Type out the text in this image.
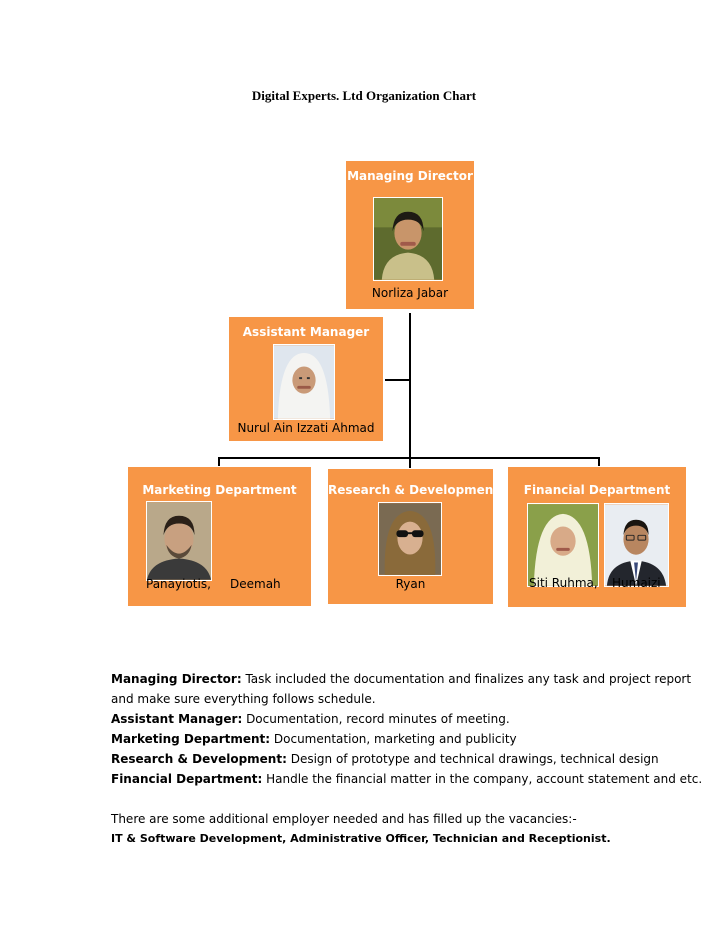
Digital Experts. Ltd Organization Chart
Managing Director
Norliza Jabar
Assistant Manager
Nurul Ain Izzati Ahmad
Marketing Department
Panayiotis, Deemah
Research & Development
Ryan
Financial Department
Siti Ruhma, Humaizi
Managing Director: Task included the documentation and finalizes any task and project report
and make sure everything follows schedule.
Assistant Manager: Documentation, record minutes of meeting.
Marketing Department: Documentation, marketing and publicity
Research & Development: Design of prototype and technical drawings, technical design
Financial Department: Handle the financial matter in the company, account statement and etc.
There are some additional employer needed and has filled up the vacancies:-
IT & Software Development, Administrative Officer, Technician and Receptionist.
